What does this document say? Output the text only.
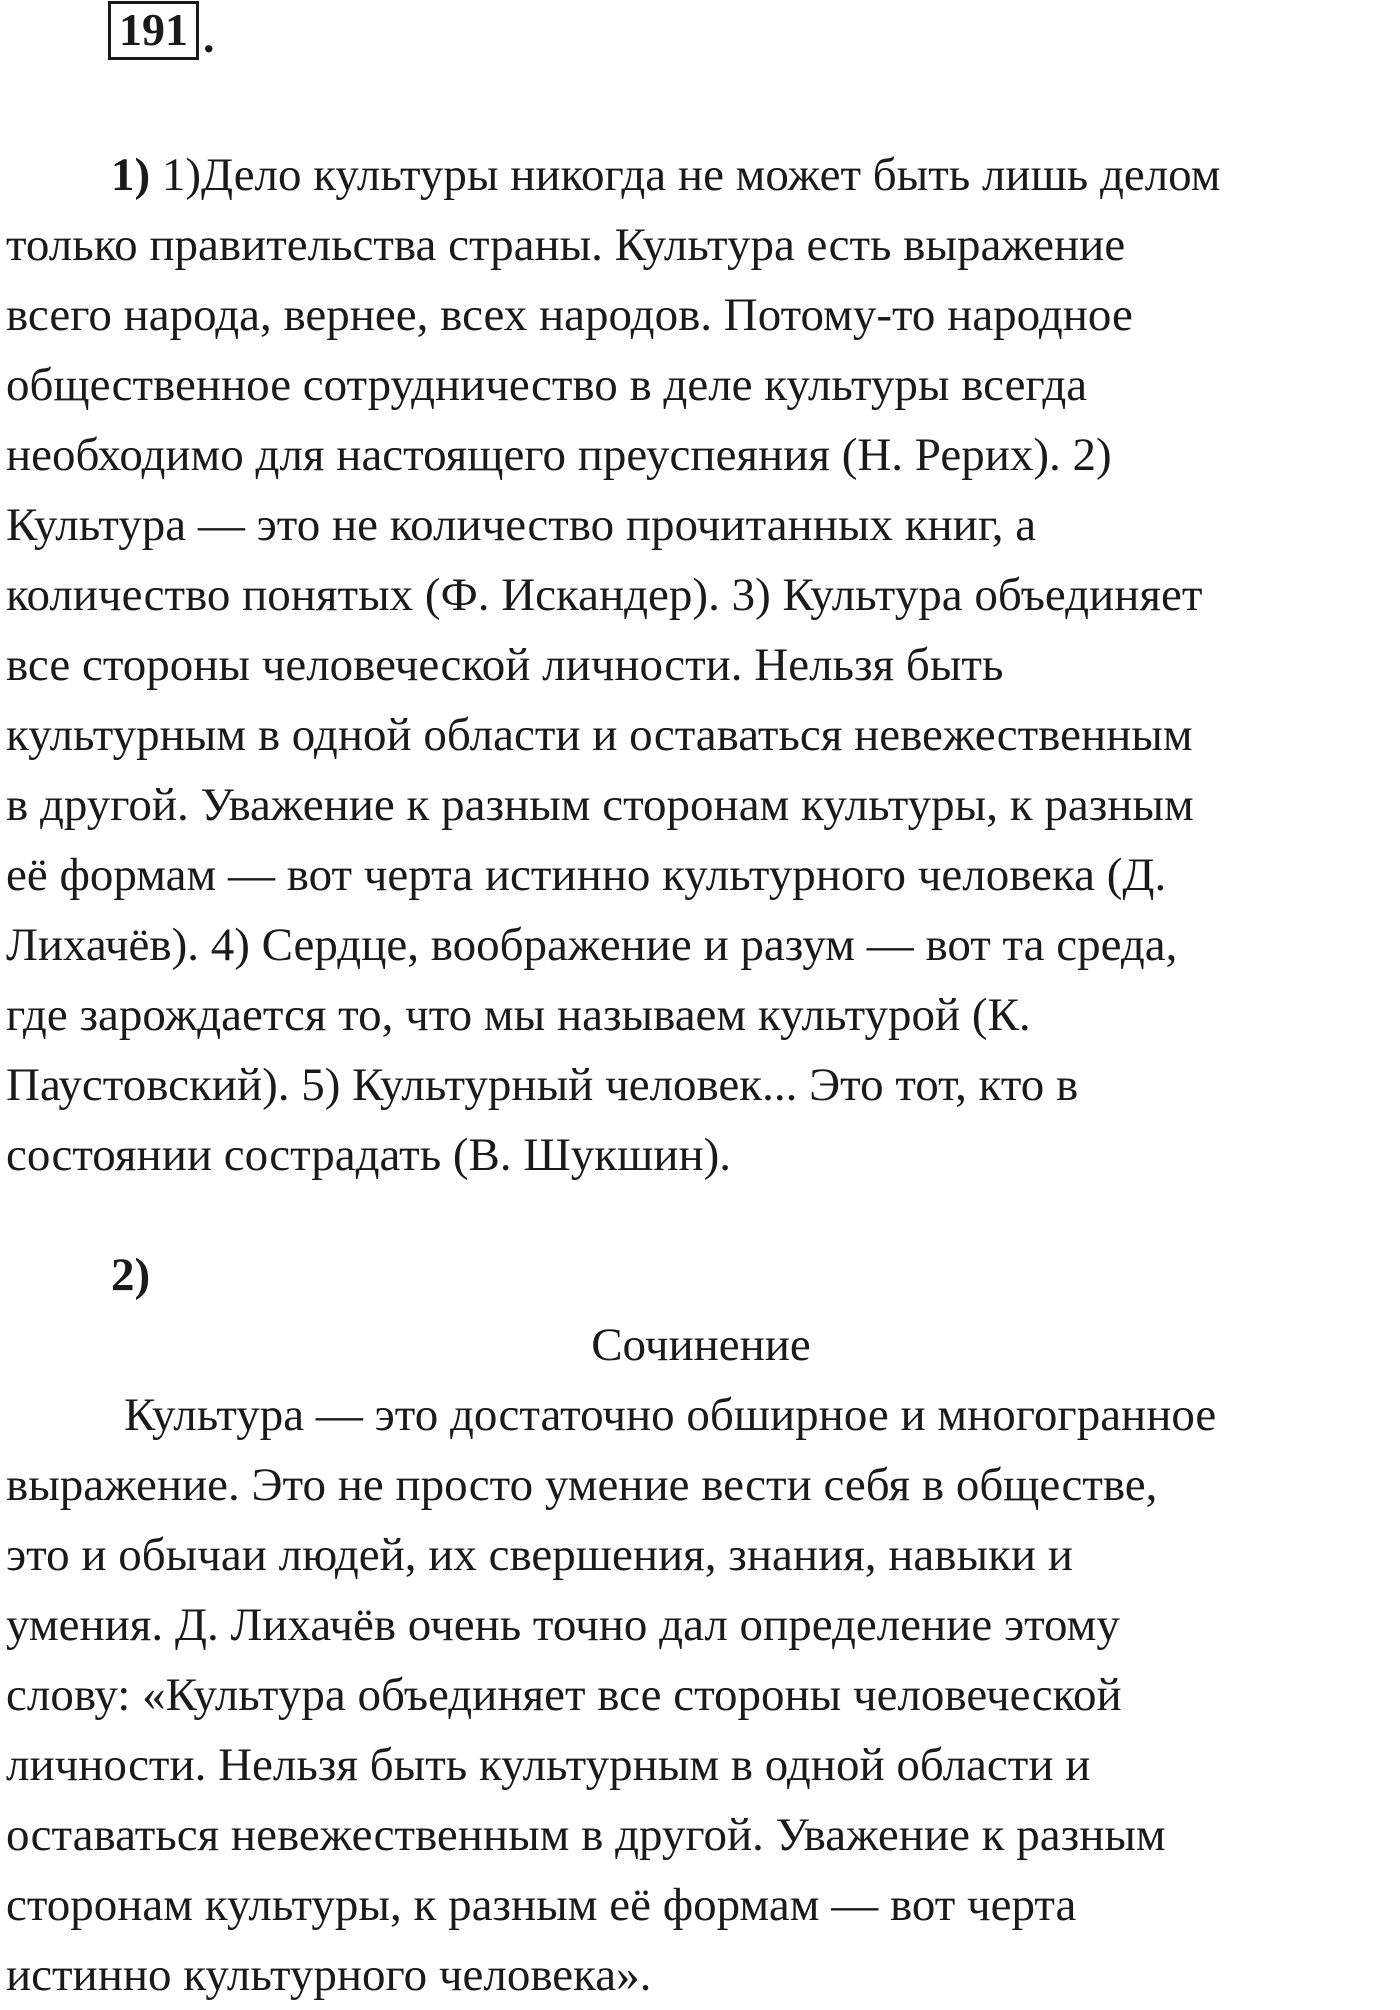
191 .
1) 1)Дело культуры никогда не может быть лишь делом
только правительства страны. Культура есть выражение
всего народа, вернее, всех народов. Потому-то народное
общественное сотрудничество в деле культуры всегда
необходимо для настоящего преуспеяния (Н. Рерих). 2)
Культура — это не количество прочитанных книг, а
количество понятых (Ф. Искандер). 3) Культура объединяет
все стороны человеческой личности. Нельзя быть
культурным в одной области и оставаться невежественным
в другой. Уважение к разным сторонам культуры, к разным
её формам — вот черта истинно культурного человека (Д.
Лихачёв). 4) Сердце, воображение и разум — вот та среда,
где зарождается то, что мы называем культурой (К.
Паустовский). 5) Культурный человек... Это тот, кто в
состоянии сострадать (В. Шукшин).
2)
Сочинение
Культура — это достаточно обширное и многогранное
выражение. Это не просто умение вести себя в обществе,
это и обычаи людей, их свершения, знания, навыки и
умения. Д. Лихачёв очень точно дал определение этому
слову: «Культура объединяет все стороны человеческой
личности. Нельзя быть культурным в одной области и
оставаться невежественным в другой. Уважение к разным
сторонам культуры, к разным её формам — вот черта
истинно культурного человека».
